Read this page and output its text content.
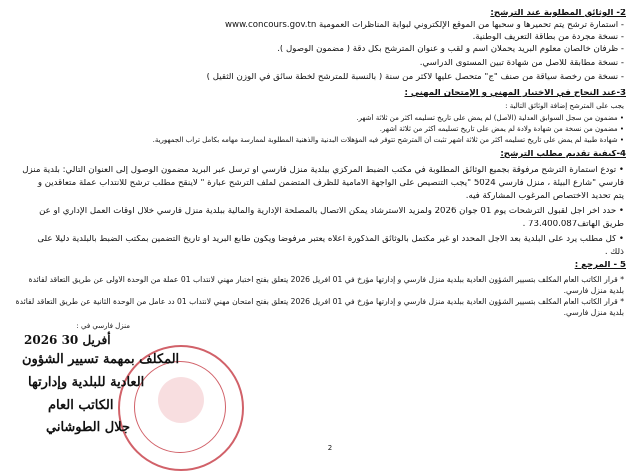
2- الوثائق المطلوبة عند الترشح:
- استمارة ترشح يتم تحميرها و سحبها من الموقع الإلكتروني لبوابة المناظرات العمومية www.concours.gov.tn
- نسخة مجردة من بطاقة التعريف الوطنية.
- ظرفان خالصان معلوم البريد يحملان اسم و لقب و عنوان المترشح بكل دقة ( مضمون الوصول ).
- نسخة مطابقة للأصل من شهادة تبين المستوى الدراسي.
- نسخة من رخصة سياقة من صنف "ج" متحصل عليها لأكثر من سنة ( بالنسبة للمترشح لخطة سائق في الوزن الثقيل )
3-عند النجاح في الاختبار المهني و الإمتحان المهني :
يجب على المترشح إضافة الوثائق التالية :
• مضمون من سجل السوابق العدلية (الأصل) لم يمض على تاريخ تسليمه أكثر من ثلاثة أشهر.
• مضمون من نسخة من شهادة ولادة لم يمض على تاريخ تسليمه أكثر من ثلاثة أشهر.
• شهادة طبية لم يمض على تاريخ تسليمه أكثر من ثلاثة أشهر تثبت أن المترشح تتوفر فيه المؤهلات البدنية والذهنية المطلوبة لممارسة مهامه بكامل تراب الجمهورية.
4-كيفية تقديم مطلب الترشح:
• تودع استمارة الترشح مرفوقة بجميع الوثائق المطلوبة في مكتب الضبط المركزي ببلدية منزل فارسي أو ترسل عبر البريد مضمون الوصول إلى العنوان التالي: بلدية منزل
فارسي "شارع البيئة ، منزل فارسي 5024 "يجب التنصيص على الواجهة الأمامية للظرف المتضمن لملف الترشح عبارة " لاينقح مطلب ترشح للانتداب عملة متعاقدين و
يتم تحديد الاختصاص المرغوب المشاركة فيه.
• حدد آخر أجل لقبول الترشحات يوم 01 جوان 2026 ولمزيد الاسترشاد يمكن الاتصال بالمصلحة الإدارية والمالية ببلدية منزل فارسي خلال أوقات العمل الإداري أو عن
طريق الهاتف73.400.087 .
• كل مطلب يرد على البلدية بعد الأجل المحدد أو غير مكتمل بالوثائق المذكورة أعلاه يعتبر مرفوضا ويكون طابع البريد أو تاريخ التضمين بمكتب الضبط بالبلدية دليلا على
ذلك .
5 - المرجع :
* قرار الكاتب العام المكلف بتسيير الشؤون العادية ببلدية منزل فارسي و إدارتها مؤرخ في 01 أفريل 2026 يتعلق بفتح اختبار مهني لانتداب 01 عملة من الوحدة الأولى عن طريق التعاقد لفائدة
بلدية منزل فارسي.
* قرار الكاتب العام المكلف بتسيير الشؤون العادية ببلدية منزل فارسي و إدارتها مؤرخ في 01 أفريل 2026 يتعلق بفتح امتحان مهني لانتداب 01 دد عامل من الوحدة الثانية عن طريق التعاقد لفائدة
بلدية منزل فارسي.
منزل فارسي في :
2026 أفريل 30
المكلف بمهمة تسيير الشؤون
العادية للبلدية وإدارتها
الكاتب العام
جلال الطوشاني
2
